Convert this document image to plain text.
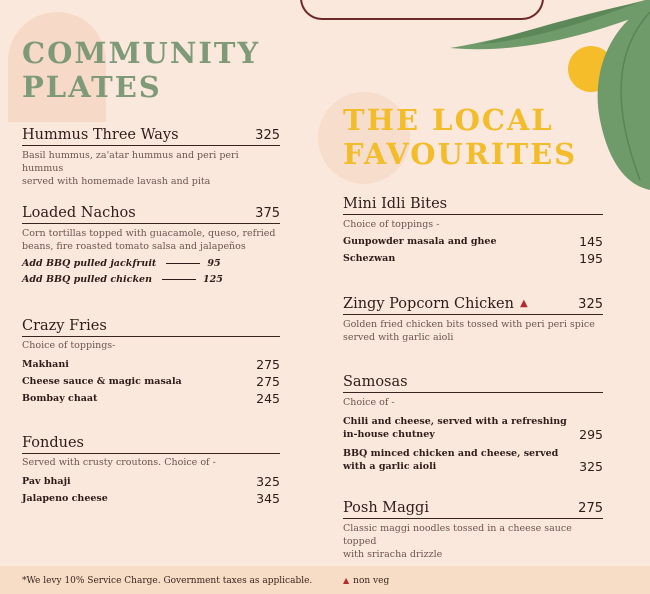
COMMUNITY
PLATES
Hummus Three Ways	325
Basil hummus, za'atar hummus and peri peri hummus
served with homemade lavash and pita
Loaded Nachos	375
Corn tortillas topped with guacamole, queso, refried
beans, fire roasted tomato salsa and jalapeños
Add BBQ pulled jackfruit	95
Add BBQ pulled chicken	125
Crazy Fries
Choice of toppings-
Makhani	275
Cheese sauce & magic masala	275
Bombay chaat	245
Fondues
Served with crusty croutons. Choice of -
Pav bhaji	325
Jalapeno cheese	345
THE LOCAL
FAVOURITES
Mini Idli Bites
Choice of toppings -
Gunpowder masala and ghee	145
Schezwan	195
Zingy Popcorn Chicken ▲	325
Golden fried chicken bits tossed with peri peri spice
served with garlic aioli
Samosas
Choice of -
Chili and cheese, served with a refreshing
in-house chutney	295
BBQ minced chicken and cheese, served
with a garlic aioli	325
Posh Maggi	275
Classic maggi noodles tossed in a cheese sauce topped
with sriracha drizzle
*We levy 10% Service Charge. Government taxes as applicable.	▲ non veg
